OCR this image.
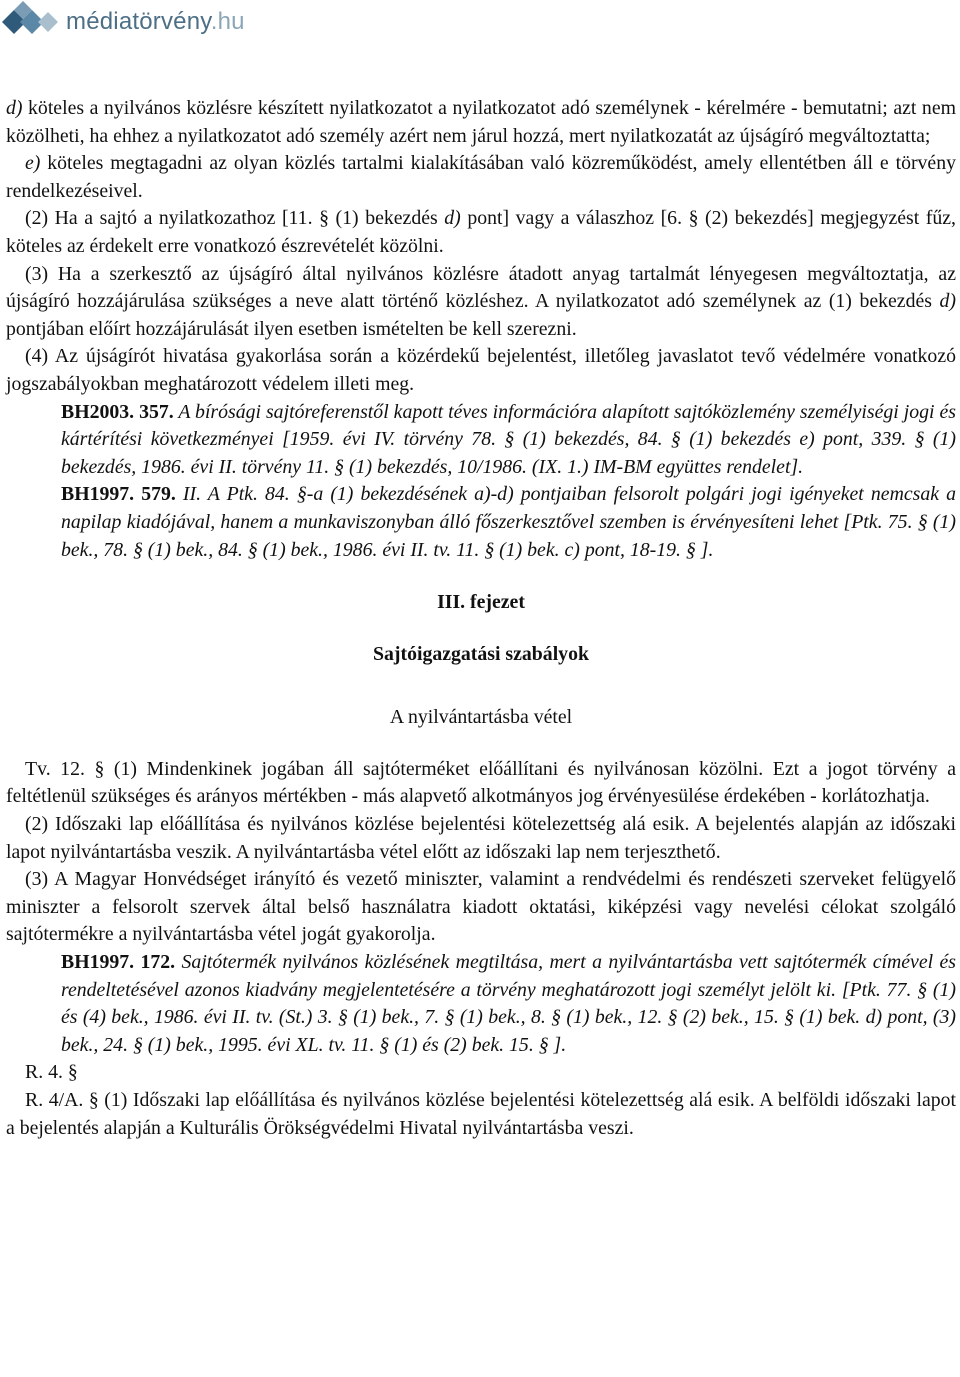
médiatörvény.hu

d) köteles a nyilvános közlésre készített nyilatkozatot a nyilatkozatot adó személynek - kérelmére - bemutatni; azt nem közölheti, ha ehhez a nyilatkozatot adó személy azért nem járul hozzá, mert nyilatkozatát az újságíró megváltoztatta;

e) köteles megtagadni az olyan közlés tartalmi kialakításában való közreműködést, amely ellentétben áll e törvény rendelkezéseivel.

(2) Ha a sajtó a nyilatkozathoz [11. § (1) bekezdés d) pont] vagy a válaszhoz [6. § (2) bekezdés] megjegyzést fűz, köteles az érdekelt erre vonatkozó észrevételét közölni.

(3) Ha a szerkesztő az újságíró által nyilvános közlésre átadott anyag tartalmát lényegesen megváltoztatja, az újságíró hozzájárulása szükséges a neve alatt történő közléshez. A nyilatkozatot adó személynek az (1) bekezdés d) pontjában előírt hozzájárulását ilyen esetben ismételten be kell szerezni.

(4) Az újságírót hivatása gyakorlása során a közérdekű bejelentést, illetőleg javaslatot tevő védelmére vonatkozó jogszabályokban meghatározott védelem illeti meg.

BH2003. 357. A bírósági sajtóreferenstől kapott téves információra alapított sajtóközlemény személyiségi jogi és kártérítési következményei [1959. évi IV. törvény 78. § (1) bekezdés, 84. § (1) bekezdés e) pont, 339. § (1) bekezdés, 1986. évi II. törvény 11. § (1) bekezdés, 10/1986. (IX. 1.) IM-BM együttes rendelet].

BH1997. 579. II. A Ptk. 84. §-a (1) bekezdésének a)-d) pontjaiban felsorolt polgári jogi igényeket nemcsak a napilap kiadójával, hanem a munkaviszonyban álló főszerkesztővel szemben is érvényesíteni lehet [Ptk. 75. § (1) bek., 78. § (1) bek., 84. § (1) bek., 1986. évi II. tv. 11. § (1) bek. c) pont, 18-19. § ].

III. fejezet
Sajtóigazgatási szabályok

A nyilvántartásba vétel

Tv. 12. § (1) Mindenkinek jogában áll sajtóterméket előállítani és nyilvánosan közölni. Ezt a jogot törvény a feltétlenül szükséges és arányos mértékben - más alapvető alkotmányos jog érvényesülése érdekében - korlátozhatja.

(2) Időszaki lap előállítása és nyilvános közlése bejelentési kötelezettség alá esik. A bejelentés alapján az időszaki lapot nyilvántartásba veszik. A nyilvántartásba vétel előtt az időszaki lap nem terjeszthető.

(3) A Magyar Honvédséget irányító és vezető miniszter, valamint a rendvédelmi és rendészeti szerveket felügyelő miniszter a felsorolt szervek által belső használatra kiadott oktatási, kiképzési vagy nevelési célokat szolgáló sajtótermékre a nyilvántartásba vétel jogát gyakorolja.

BH1997. 172. Sajtótermék nyilvános közlésének megtiltása, mert a nyilvántartásba vett sajtótermék címével és rendeltetésével azonos kiadvány megjelentetésére a törvény meghatározott jogi személyt jelölt ki. [Ptk. 77. § (1) és (4) bek., 1986. évi II. tv. (St.) 3. § (1) bek., 7. § (1) bek., 8. § (1) bek., 12. § (2) bek., 15. § (1) bek. d) pont, (3) bek., 24. § (1) bek., 1995. évi XL. tv. 11. § (1) és (2) bek. 15. § ].

R. 4. §

R. 4/A. § (1) Időszaki lap előállítása és nyilvános közlése bejelentési kötelezettség alá esik. A belföldi időszaki lapot a bejelentés alapján a Kulturális Örökségvédelmi Hivatal nyilvántartásba veszi.
